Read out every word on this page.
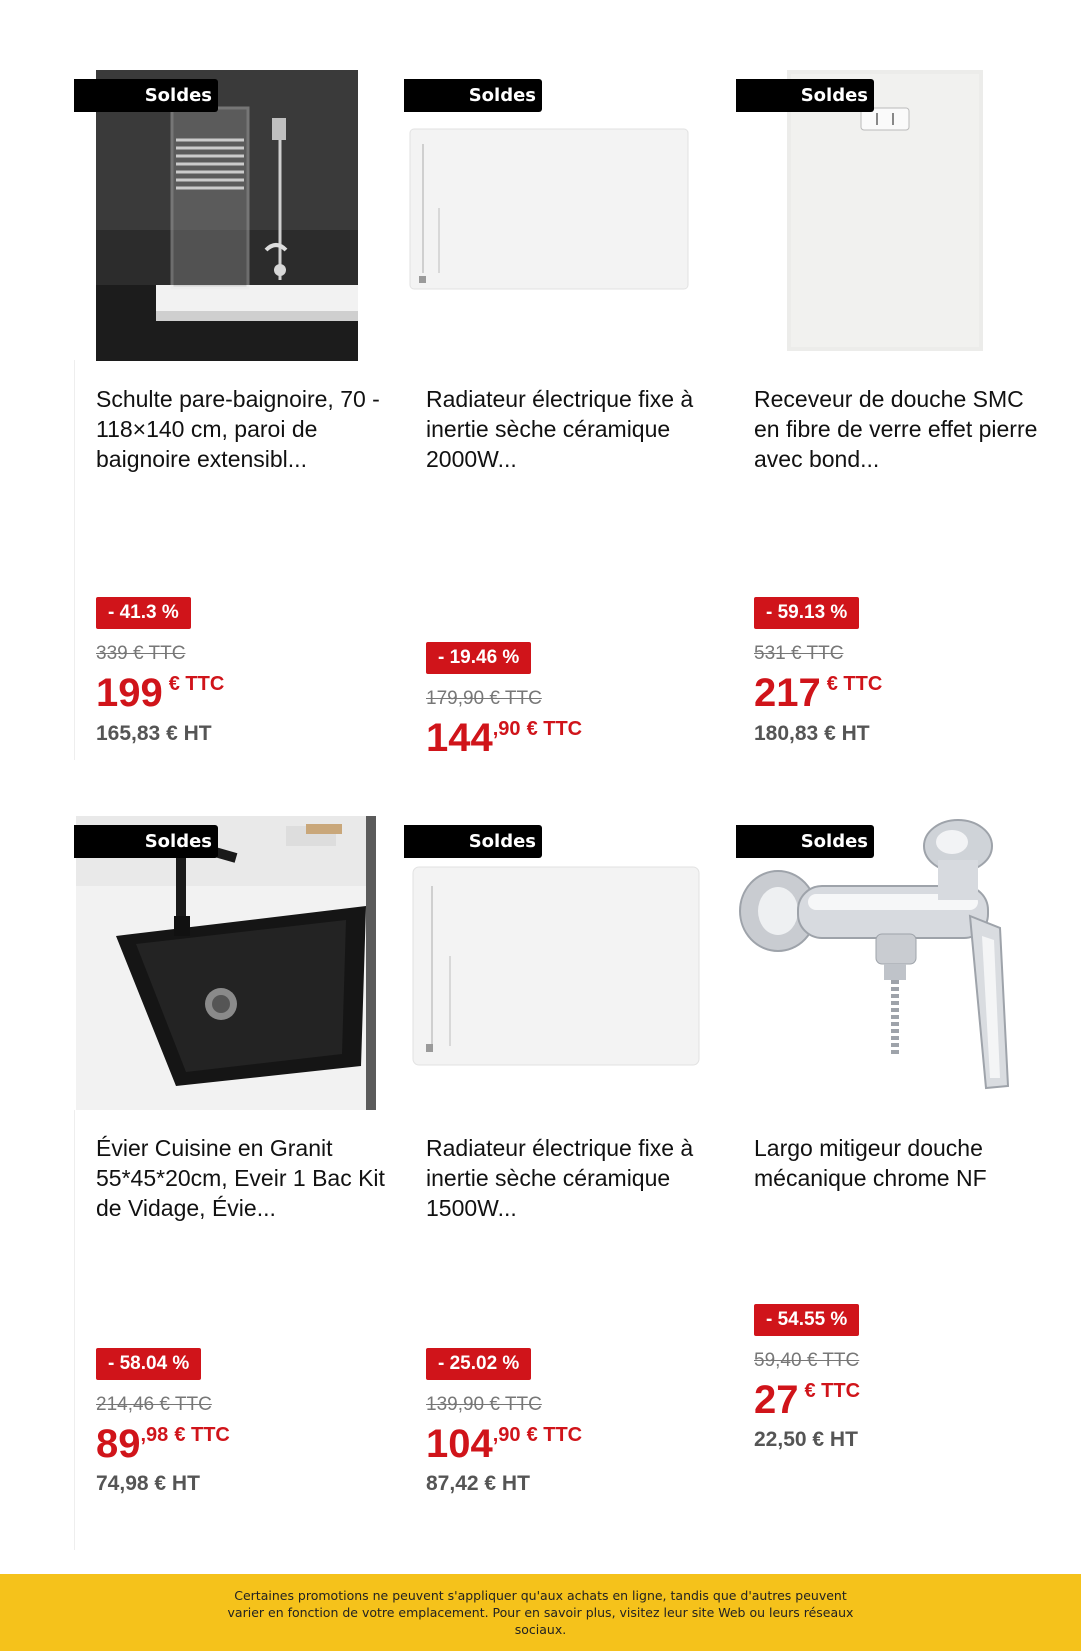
Soldes
Schulte pare-baignoire, 70 - 118×140 cm, paroi de baignoire extensibl...
- 41.3 %
339 € TTC
199 € TTC
165,83 € HT
Soldes
Radiateur électrique fixe à inertie sèche céramique 2000W...
- 19.46 %
179,90 € TTC
144,90 € TTC
Soldes
Receveur de douche SMC en fibre de verre effet pierre avec bond...
- 59.13 %
531 € TTC
217 € TTC
180,83 € HT
Soldes
Évier Cuisine en Granit 55*45*20cm, Eveir 1 Bac Kit de Vidage, Évie...
- 58.04 %
214,46 € TTC
89,98 € TTC
74,98 € HT
Soldes
Radiateur électrique fixe à inertie sèche céramique 1500W...
- 25.02 %
139,90 € TTC
104,90 € TTC
87,42 € HT
Soldes
Largo mitigeur douche mécanique chrome NF
- 54.55 %
59,40 € TTC
27 € TTC
22,50 € HT

Certaines promotions ne peuvent s'appliquer qu'aux achats en ligne, tandis que d'autres peuvent varier en fonction de votre emplacement. Pour en savoir plus, visitez leur site Web ou leurs réseaux sociaux.
